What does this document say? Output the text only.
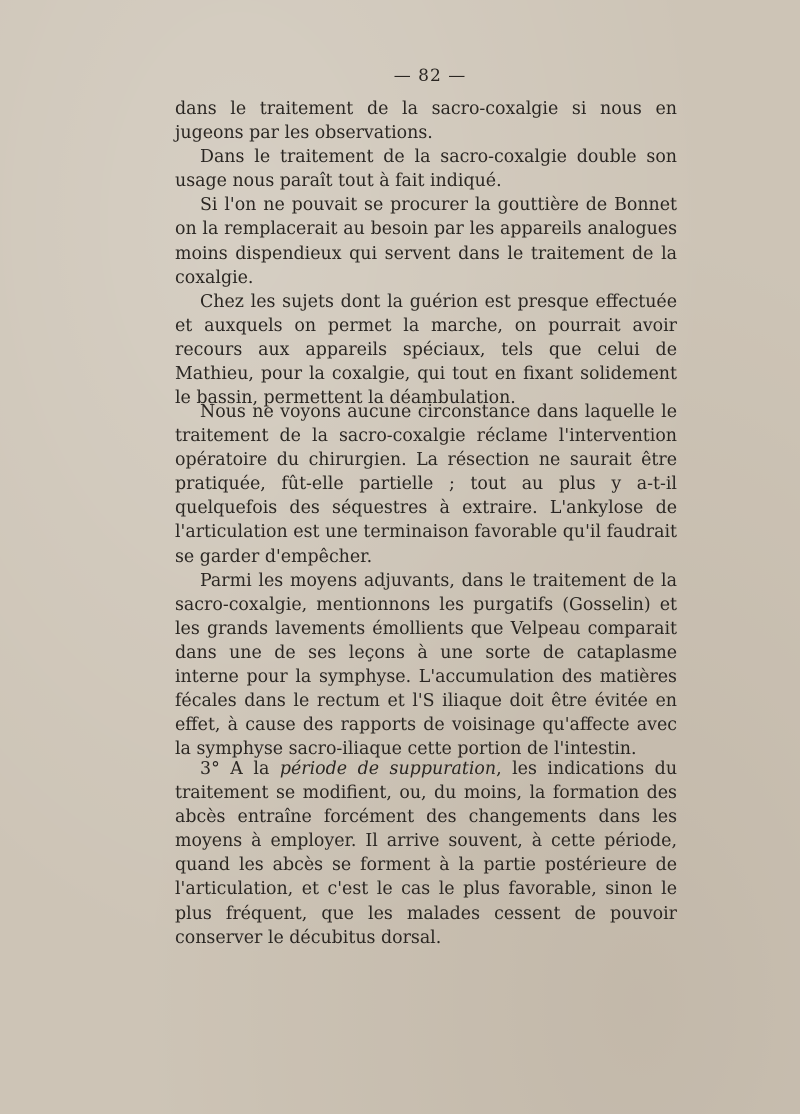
— 82 —

dans le traitement de la sacro-coxalgie si nous en jugeons par les observations.

Dans le traitement de la sacro-coxalgie double son usage nous paraît tout à fait indiqué.

Si l'on ne pouvait se procurer la gouttière de Bonnet on la remplacerait au besoin par les appareils analogues moins dispendieux qui servent dans le traitement de la coxalgie.

Chez les sujets dont la guérion est presque effectuée et auxquels on permet la marche, on pourrait avoir recours aux appareils spéciaux, tels que celui de Mathieu, pour la coxalgie, qui tout en fixant solidement le bassin, permettent la déambulation.

Nous ne voyons aucune circonstance dans laquelle le traitement de la sacro-coxalgie réclame l'intervention opératoire du chirurgien. La résection ne saurait être pratiquée, fût-elle partielle ; tout au plus y a-t-il quelquefois des séquestres à extraire. L'ankylose de l'articulation est une terminaison favorable qu'il faudrait se garder d'empêcher.

Parmi les moyens adjuvants, dans le traitement de la sacro-coxalgie, mentionnons les purgatifs (Gosselin) et les grands lavements émollients que Velpeau comparait dans une de ses leçons à une sorte de cataplasme interne pour la symphyse. L'accumulation des matières fécales dans le rectum et l'S iliaque doit être évitée en effet, à cause des rapports de voisinage qu'affecte avec la symphyse sacro-iliaque cette portion de l'intestin.

3° A la période de suppuration, les indications du traitement se modifient, ou, du moins, la formation des abcès entraîne forcément des changements dans les moyens à employer. Il arrive souvent, à cette période, quand les abcès se forment à la partie postérieure de l'articulation, et c'est le cas le plus favorable, sinon le plus fréquent, que les malades cessent de pouvoir conserver le décubitus dorsal.
